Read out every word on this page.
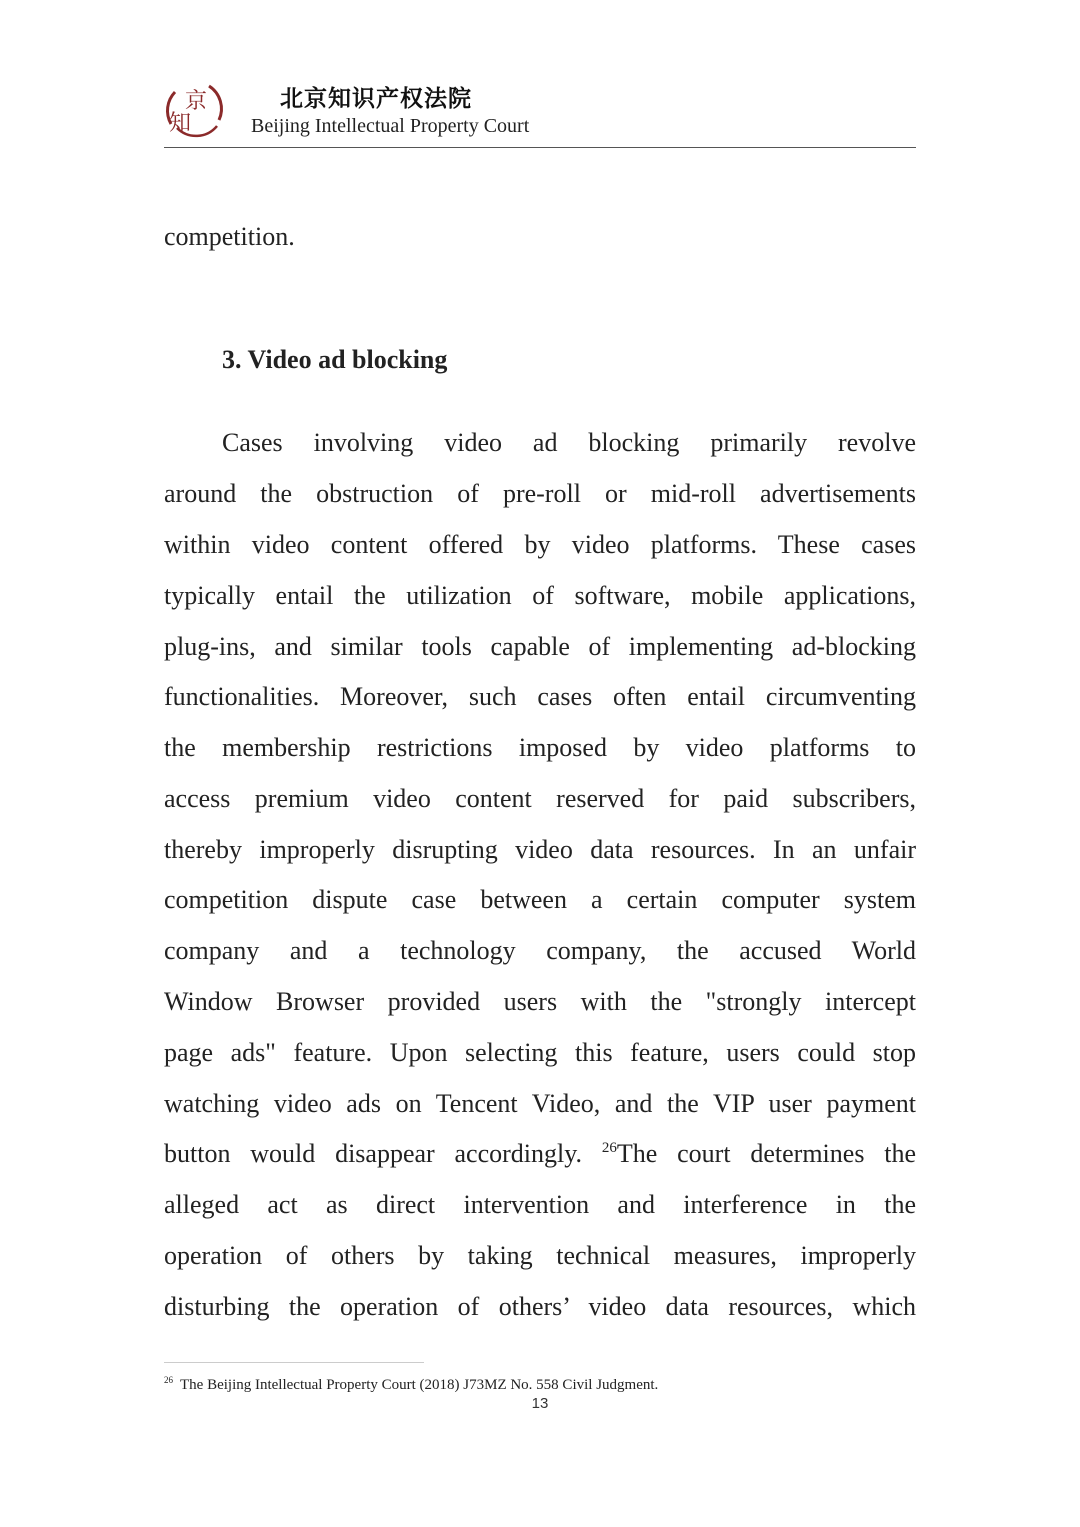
京
知
北京知识产权法院
Beijing Intellectual Property Court
competition.
3. Video ad blocking
Cases involving video ad blocking primarily revolve
around the obstruction of pre-roll or mid-roll advertisements
within video content offered by video platforms. These cases
typically entail the utilization of software, mobile applications,
plug-ins, and similar tools capable of implementing ad-blocking
functionalities. Moreover, such cases often entail circumventing
the membership restrictions imposed by video platforms to
access premium video content reserved for paid subscribers,
thereby improperly disrupting video data resources. In an unfair
competition dispute case between a certain computer system
company and a technology company, the accused World
Window Browser provided users with the "strongly intercept
page ads" feature. Upon selecting this feature, users could stop
watching video ads on Tencent Video, and the VIP user payment
button would disappear accordingly. $^{26}$The court determines the
alleged act as direct intervention and interference in the
operation of others by taking technical measures, improperly
disturbing the operation of others’ video data resources, which
$^{26}$ The Beijing Intellectual Property Court (2018) J73MZ No. 558 Civil Judgment.
13
